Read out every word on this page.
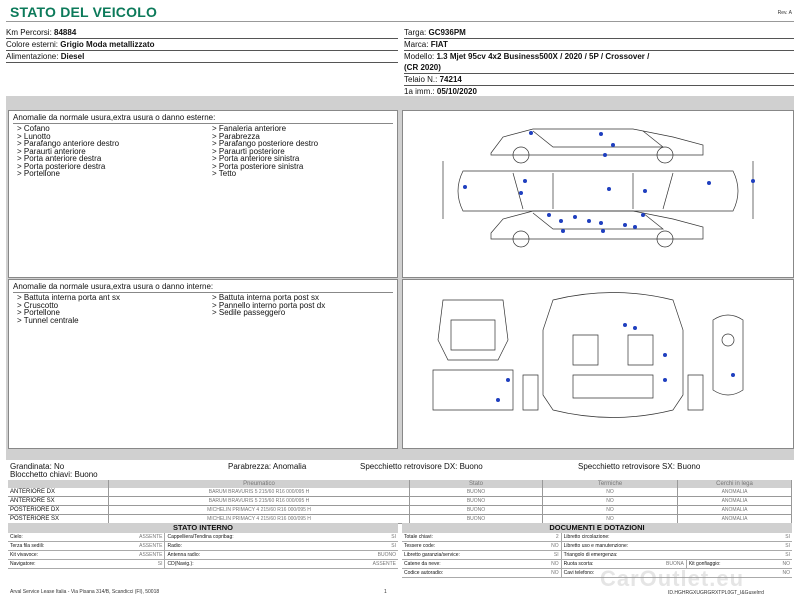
STATO DEL VEICOLO	Rev. A
Km Percorsi: 84884
Colore esterni: Grigio Moda metallizzato
Alimentazione: Diesel
Targa: GC936PM
Marca: FIAT
Modello: 1.3 Mjet 95cv 4x2 Business500X / 2020 / 5P / Crossover /
(CR 2020)
Telaio N.: 74214
1a imm.: 05/10/2020
Anomalie da normale usura,extra usura o danno esterne:
> Cofano
> Lunotto
> Parafango anteriore destro
> Paraurti anteriore
> Porta anteriore destra
> Porta posteriore destra
> Portellone
> Fanaleria anteriore
> Parabrezza
> Parafango posteriore destro
> Paraurti posteriore
> Porta anteriore sinistra
> Porta posteriore sinistra
> Tetto
Anomalie da normale usura,extra usura o danno interne:
> Battuta interna porta ant sx
> Cruscotto
> Portellone
> Tunnel centrale
> Battuta interna porta post sx
> Pannello interno porta post dx
> Sedile passeggero
Grandinata: No	Parabrezza: Anomalia	Specchietto retrovisore DX: Buono	Specchietto retrovisore SX: Buono
Blocchetto chiavi: Buono
	Pneumatico	Stato	Termiche	Cerchi in lega
ANTERIORE DX	BARUM BRAVURIS 5 215/60 R16 000/095 H	BUONO	NO	ANOMALIA
ANTERIORE SX	BARUM BRAVURIS 5 215/60 R16 000/095 H	BUONO	NO	ANOMALIA
POSTERIORE DX	MICHELIN PRIMACY 4 215/60 R16 000/095 H	BUONO	NO	ANOMALIA
POSTERIORE SX	MICHELIN PRIMACY 4 215/60 R16 000/095 H	BUONO	NO	ANOMALIA
STATO INTERNO
Cielo:	ASSENTE	Cappelliera/Tendina copribag:	SI
Terza fila sedili:	ASSENTE	Radio:	SI
Kit vivavoce:	ASSENTE	Antenna radio:	BUONO
Navigatore:	SI	CD(Navig.):	ASSENTE
DOCUMENTI E DOTAZIONI
Totale chiavi:	2	Libretto circolazione:			SI
Tessere code:	NO	Libretto uso e manutenzione:			SI
Libretto garanzia/service:	SI	Triangolo di emergenza:			SI
Catene da neve:	NO	Ruota scorta:	BUONA	Kit gonfiaggio:	NO
Codice autoradio:	NO	Cavi telefono:			NO
Arval Service Lease Italia - Via Pisana 314/B, Scandicci (FI), 50018	1	ID.HGHRGXUGRGRXTPL0GT_I&Guselrrd
CarOutlet.eu
